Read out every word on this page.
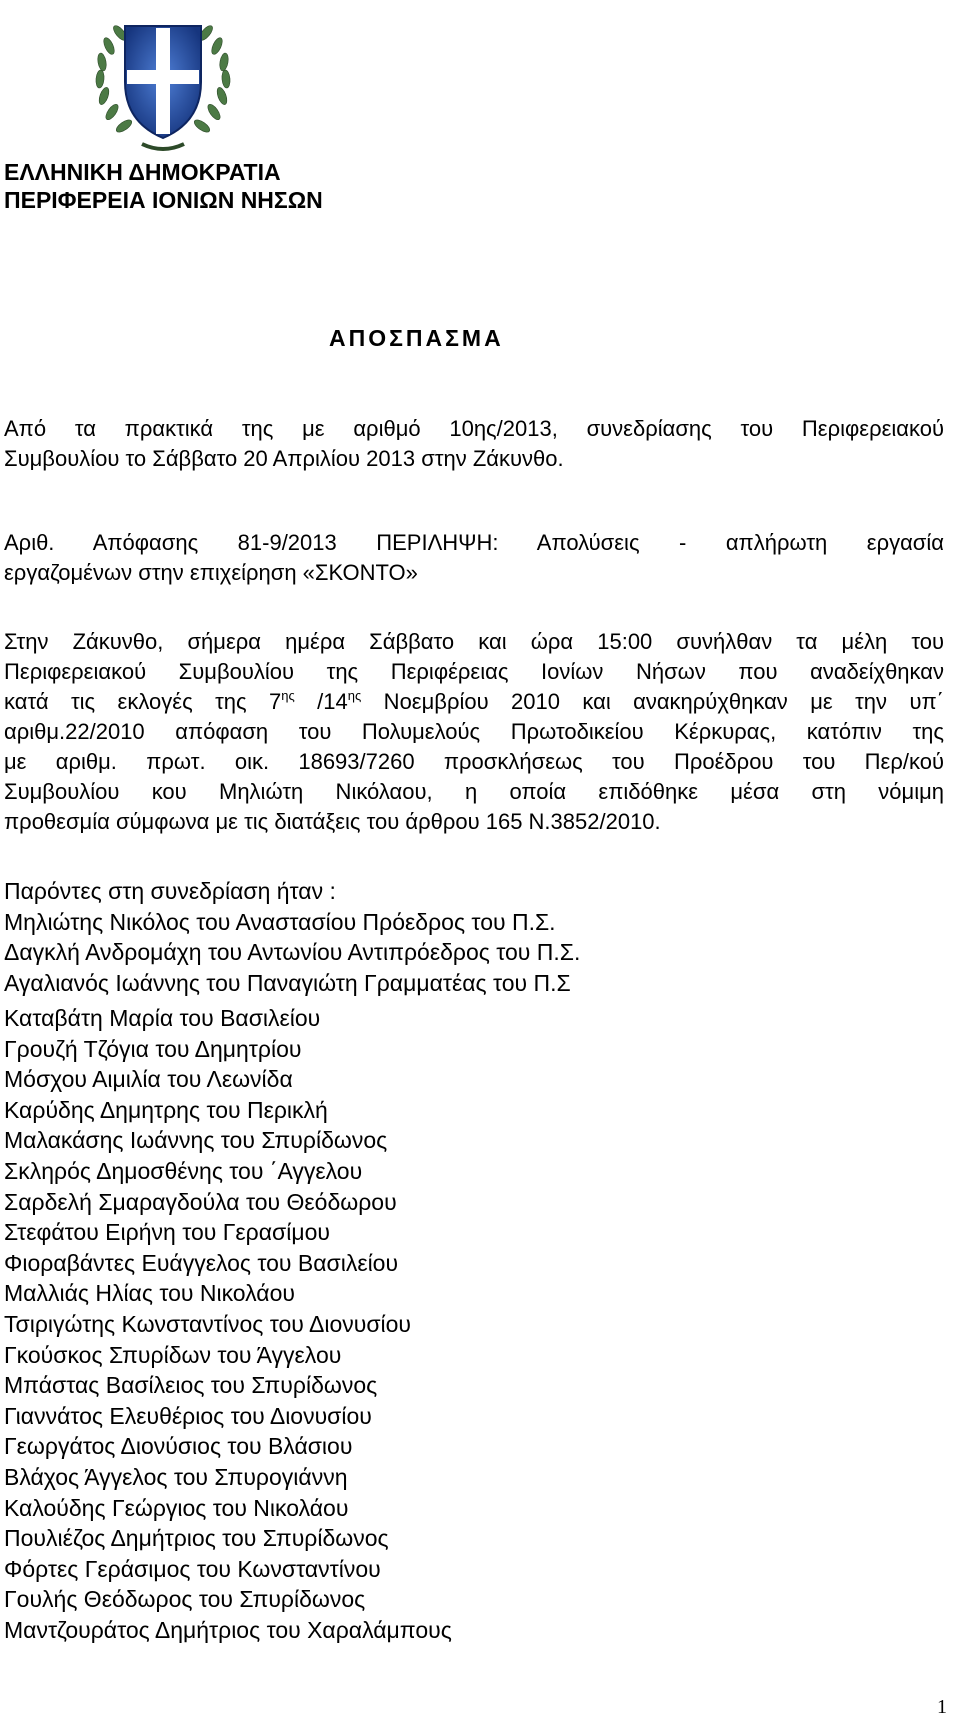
ΕΛΛΗΝΙΚΗ ΔΗΜΟΚΡΑΤΙΑ
ΠΕΡΙΦΕΡΕΙΑ ΙΟΝΙΩΝ ΝΗΣΩΝ
ΑΠΟΣΠΑΣΜΑ
Από τα πρακτικά της με αριθμό 10ης/2013, συνεδρίασης του Περιφερειακού
Συμβουλίου το Σάββατο 20 Απριλίου 2013 στην Ζάκυνθο.
Αριθ. Απόφασης 81-9/2013 ΠΕΡΙΛΗΨΗ: Απολύσεις - απλήρωτη εργασία
εργαζομένων στην επιχείρηση «ΣΚΟΝΤΟ»
Στην Ζάκυνθο, σήμερα ημέρα Σάββατο και ώρα 15:00 συνήλθαν τα μέλη του
Περιφερειακού Συμβουλίου της Περιφέρειας Ιονίων Νήσων που αναδείχθηκαν
κατά τις εκλογές της $7^{\eta\varsigma}$ $/14^{\eta\varsigma}$ Νοεμβρίου 2010 και ανακηρύχθηκαν με την υπ΄
αριθμ.22/2010 απόφαση του Πολυμελούς Πρωτοδικείου Κέρκυρας, κατόπιν της
με αριθμ. πρωτ. οικ. 18693/7260 προσκλήσεως του Προέδρου του Περ/κού
Συμβουλίου κου Μηλιώτη Νικόλαου, η οποία επιδόθηκε μέσα στη νόμιμη
προθεσμία σύμφωνα με τις διατάξεις του άρθρου 165 Ν.3852/2010.
Παρόντες στη συνεδρίαση ήταν :
Μηλιώτης Νικόλος του Αναστασίου Πρόεδρος του Π.Σ.
Δαγκλή Ανδρομάχη του Αντωνίου Αντιπρόεδρος του Π.Σ.
Αγαλιανός Ιωάννης του Παναγιώτη Γραμματέας του Π.Σ
Καταβάτη Μαρία του Βασιλείου
Γρουζή Τζόγια του Δημητρίου
Μόσχου Αιμιλία του Λεωνίδα
Καρύδης Δημητρης του Περικλή
Μαλακάσης Ιωάννης του Σπυρίδωνος
Σκληρός Δημοσθένης του ΄Αγγελου
Σαρδελή Σμαραγδούλα του Θεόδωρου
Στεφάτου Ειρήνη του Γερασίμου
Φιοραβάντες Ευάγγελος του Βασιλείου
Μαλλιάς Ηλίας του Νικολάου
Τσιριγώτης Κωνσταντίνος του Διονυσίου
Γκούσκος Σπυρίδων του Άγγελου
Μπάστας Βασίλειος του Σπυρίδωνος
Γιαννάτος Ελευθέριος του Διονυσίου
Γεωργάτος Διονύσιος του Βλάσιου
Βλάχος Άγγελος του Σπυρογιάννη
Καλούδης Γεώργιος του Νικολάου
Πουλιέζος Δημήτριος του Σπυρίδωνος
Φόρτες Γεράσιμος του Κωνσταντίνου
Γουλής Θεόδωρος του Σπυρίδωνος
Μαντζουράτος Δημήτριος του Χαραλάμπους
1
